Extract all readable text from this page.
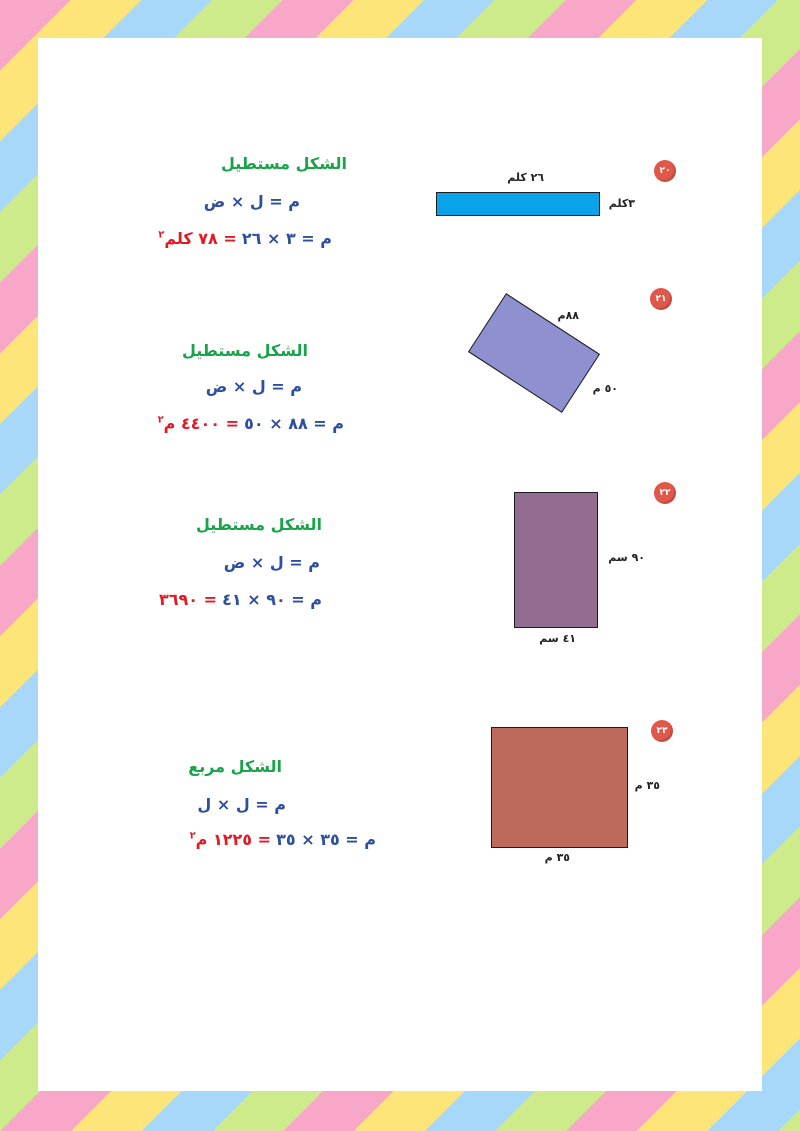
٢٠
٢٦ كلم
٣كلم
الشكل مستطيل
م = ل × ض
م = ٣ × ٢٦ = ٧٨ كلم$^٢$
٢١
٨٨م
٥٠ م
الشكل مستطيل
م = ل × ض
م = ٨٨ × ٥٠ = ٤٤٠٠ م$^٢$
٢٢
٩٠ سم
٤١ سم
الشكل مستطيل
م = ل × ض
م = ٩٠ × ٤١ = ٣٦٩٠
٢٣
٣٥ م
٣٥ م
الشكل مربع
م = ل × ل
م = ٣٥ × ٣٥ = ١٢٢٥ م$^٢$
